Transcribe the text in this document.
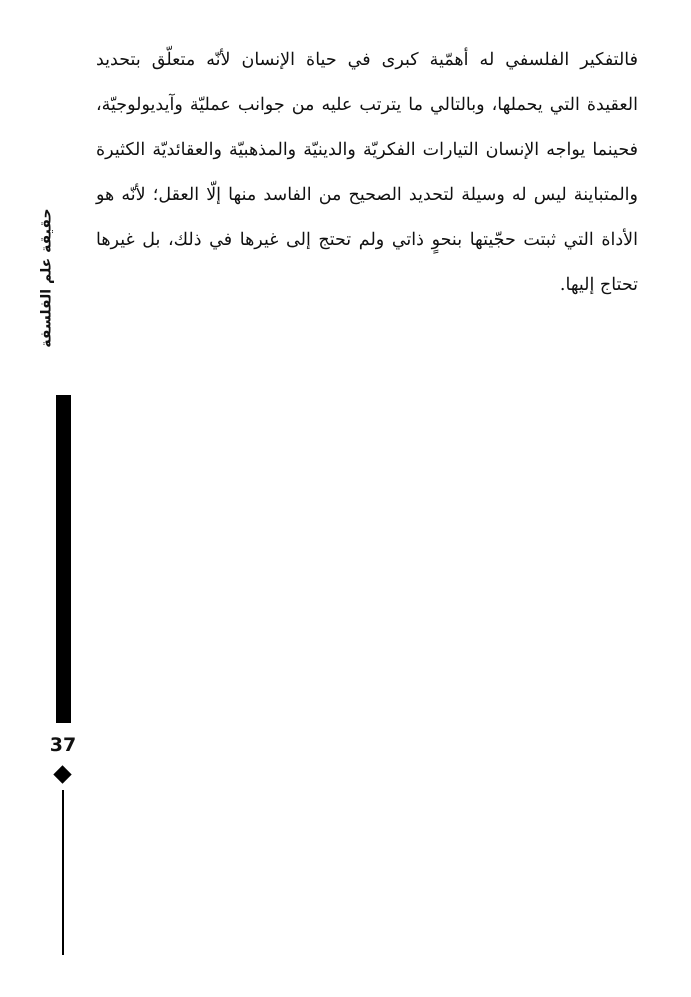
فالتفكير الفلسفي له أهمّية كبرى في حياة الإنسان لأنّه متعلّق بتحديد العقيدة التي يحملها، وبالتالي ما يترتب عليه من جوانب عمليّة وآيديولوجيّة، فحينما يواجه الإنسان التيارات الفكريّة والدينيّة والمذهبيّة والعقائديّة الكثيرة والمتباينة ليس له وسيلة لتحديد الصحيح من الفاسد منها إلّا العقل؛ لأنّه هو الأداة التي ثبتت حجّيتها بنحوٍ ذاتي ولم تحتج إلى غيرها في ذلك، بل غيرها تحتاج إليها.

حقيقة علم الفلسفة
37
